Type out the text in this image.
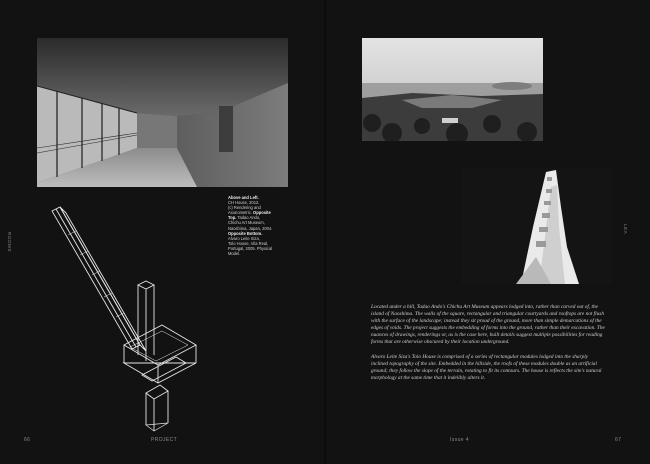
Above and Left.

CH House, 2012.

(c) Rendering and

Axonometric. Opposite

Top. Tadao Ando,

Chichu Art Museum,

Naoshima, Japan, 2004.

Opposite Bottom.

Alvaro Leite Siza,

Tolo House, Vila Real,

Portugal, 2005. Physical

Model.

Located under a hill, Tadao Ando's Chichu Art Museum appears lodged into, rather than carved out of, the island of Naoshima. The walls of the square, rectangular and triangular courtyards and rooftops are not flush with the surface of the landscape; instead they sit proud of the ground, more than simple demarcations of the edges of voids. The project suggests the embedding of forms into the ground, rather than their excavation. The nuances of drawings, renderings or, as is the case here, built details suggest multiple possibilities for reading forms that are otherwise obscured by their location underground.

Alvaro Leite Siza's Tolo House is comprised of a series of rectangular modules lodged into the sharply inclined topography of the site. Embedded in the hillside, the roofs of these modules double as an artificial ground; they follow the slope of the terrain, rotating to fit its contours. The house is reflects the site's natural morphology at the same time that it indelibly alters it.

ROOMS
LEA
66	PROJECT	Issue 4	67
